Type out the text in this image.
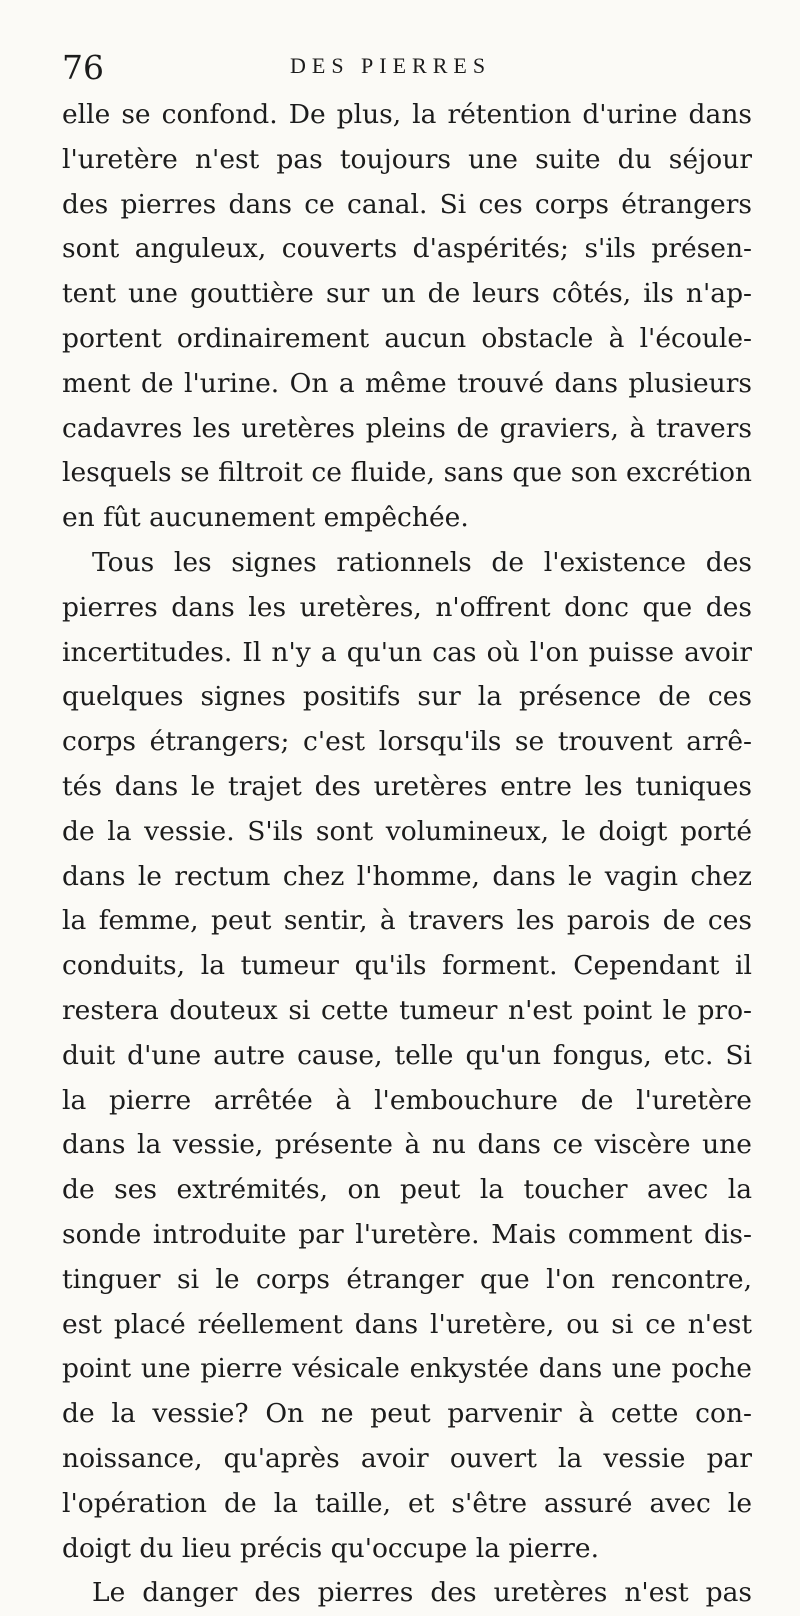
76	DES PIERRES
elle se confond. De plus, la rétention d'urine dans
l'uretère n'est pas toujours une suite du séjour
des pierres dans ce canal. Si ces corps étrangers
sont anguleux, couverts d'aspérités; s'ils présen-
tent une gouttière sur un de leurs côtés, ils n'ap-
portent ordinairement aucun obstacle à l'écoule-
ment de l'urine. On a même trouvé dans plusieurs
cadavres les uretères pleins de graviers, à travers
lesquels se filtroit ce fluide, sans que son excrétion
en fût aucunement empêchée.
Tous les signes rationnels de l'existence des
pierres dans les uretères, n'offrent donc que des
incertitudes. Il n'y a qu'un cas où l'on puisse avoir
quelques signes positifs sur la présence de ces
corps étrangers; c'est lorsqu'ils se trouvent arrê-
tés dans le trajet des uretères entre les tuniques
de la vessie. S'ils sont volumineux, le doigt porté
dans le rectum chez l'homme, dans le vagin chez
la femme, peut sentir, à travers les parois de ces
conduits, la tumeur qu'ils forment. Cependant il
restera douteux si cette tumeur n'est point le pro-
duit d'une autre cause, telle qu'un fongus, etc. Si
la pierre arrêtée à l'embouchure de l'uretère
dans la vessie, présente à nu dans ce viscère une
de ses extrémités, on peut la toucher avec la
sonde introduite par l'uretère. Mais comment dis-
tinguer si le corps étranger que l'on rencontre,
est placé réellement dans l'uretère, ou si ce n'est
point une pierre vésicale enkystée dans une poche
de la vessie? On ne peut parvenir à cette con-
noissance, qu'après avoir ouvert la vessie par
l'opération de la taille, et s'être assuré avec le
doigt du lieu précis qu'occupe la pierre.
Le danger des pierres des uretères n'est pas
